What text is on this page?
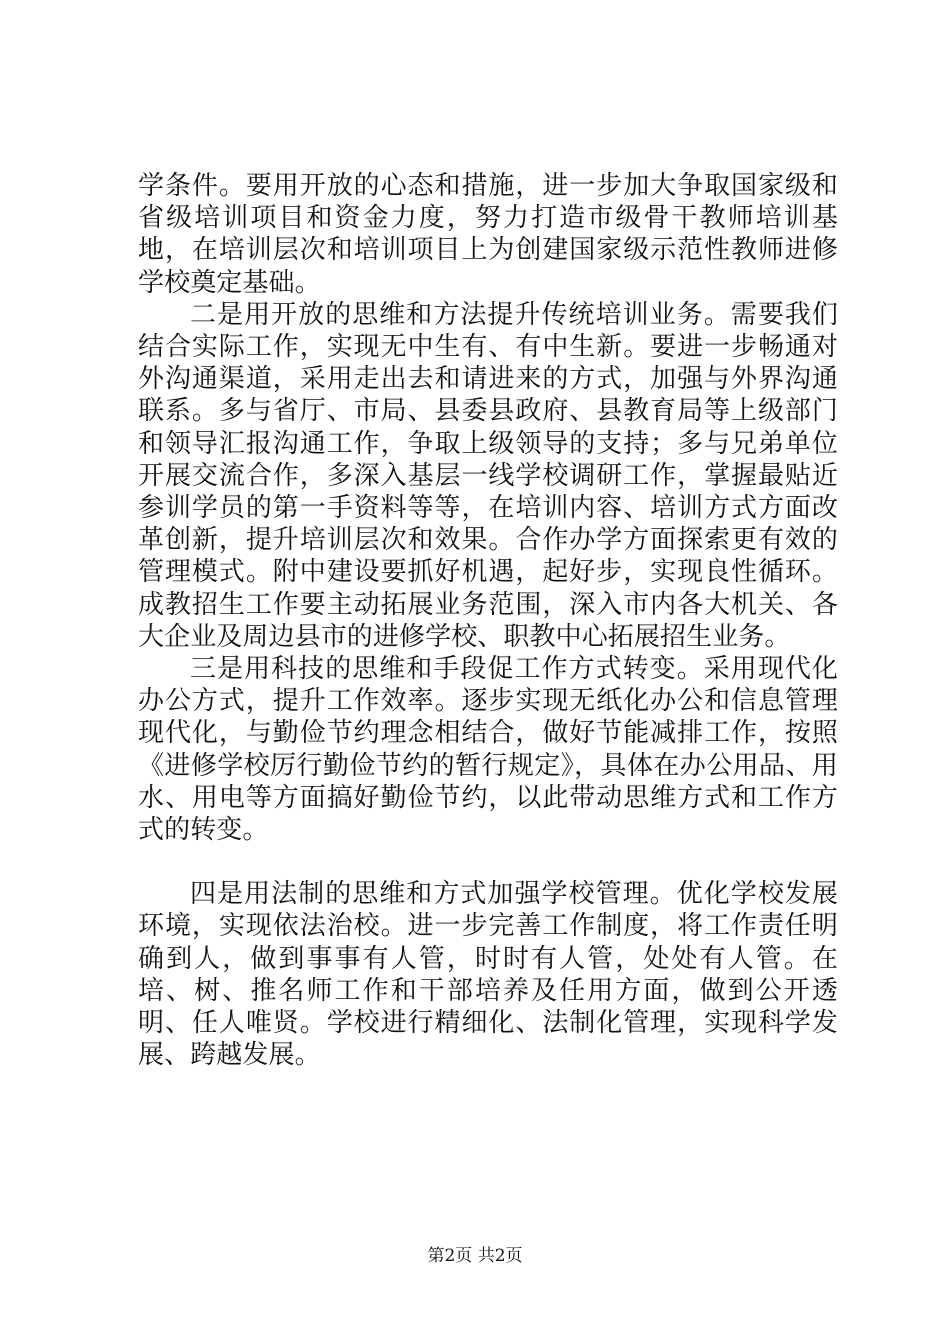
学条件。要用开放的心态和措施，进一步加大争取国家级和省级培训项目和资金力度，努力打造市级骨干教师培训基地，在培训层次和培训项目上为创建国家级示范性教师进修学校奠定基础。

二是用开放的思维和方法提升传统培训业务。需要我们结合实际工作，实现无中生有、有中生新。要进一步畅通对外沟通渠道，采用走出去和请进来的方式，加强与外界沟通联系。多与省厅、市局、县委县政府、县教育局等上级部门和领导汇报沟通工作，争取上级领导的支持；多与兄弟单位开展交流合作，多深入基层一线学校调研工作，掌握最贴近参训学员的第一手资料等等，在培训内容、培训方式方面改革创新，提升培训层次和效果。合作办学方面探索更有效的管理模式。附中建设要抓好机遇，起好步，实现良性循环。成教招生工作要主动拓展业务范围，深入市内各大机关、各大企业及周边县市的进修学校、职教中心拓展招生业务。

三是用科技的思维和手段促工作方式转变。采用现代化办公方式，提升工作效率。逐步实现无纸化办公和信息管理现代化，与勤俭节约理念相结合，做好节能减排工作，按照《进修学校厉行勤俭节约的暂行规定》，具体在办公用品、用水、用电等方面搞好勤俭节约，以此带动思维方式和工作方式的转变。

四是用法制的思维和方式加强学校管理。优化学校发展环境，实现依法治校。进一步完善工作制度，将工作责任明确到人，做到事事有人管，时时有人管，处处有人管。在培、树、推名师工作和干部培养及任用方面，做到公开透明、任人唯贤。学校进行精细化、法制化管理，实现科学发展、跨越发展。

第2页 共2页
